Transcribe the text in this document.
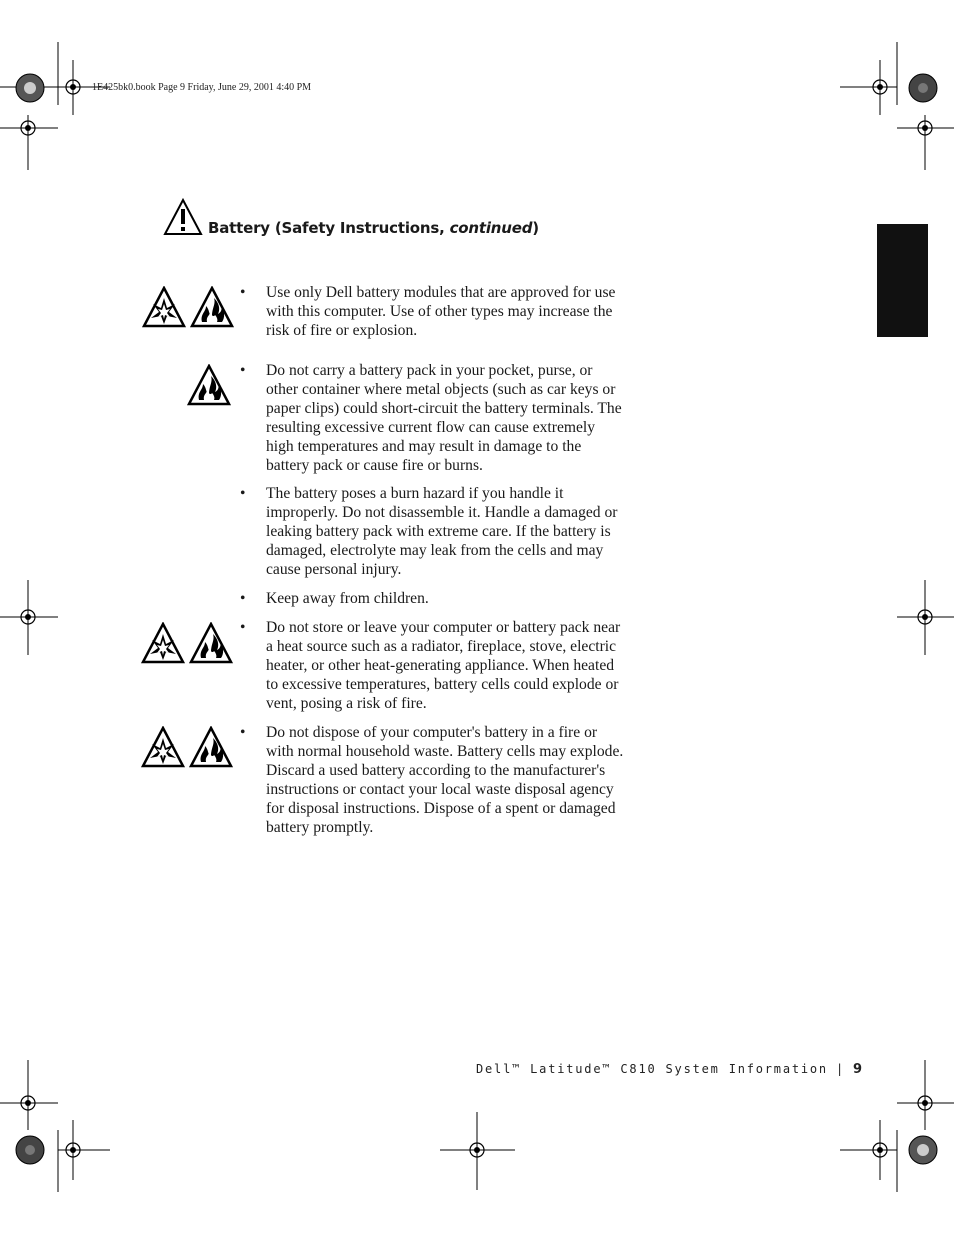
1E425bk0.book Page 9 Friday, June 29, 2001 4:40 PM
Battery (Safety Instructions, continued)
• Use only Dell battery modules that are approved for use with this computer. Use of other types may increase the risk of fire or explosion.
• Do not carry a battery pack in your pocket, purse, or other container where metal objects (such as car keys or paper clips) could short-circuit the battery terminals. The resulting excessive current flow can cause extremely high temperatures and may result in damage to the battery pack or cause fire or burns.
• The battery poses a burn hazard if you handle it improperly. Do not disassemble it. Handle a damaged or leaking battery pack with extreme care. If the battery is damaged, electrolyte may leak from the cells and may cause personal injury.
• Keep away from children.
• Do not store or leave your computer or battery pack near a heat source such as a radiator, fireplace, stove, electric heater, or other heat-generating appliance. When heated to excessive temperatures, battery cells could explode or vent, posing a risk of fire.
• Do not dispose of your computer's battery in a fire or with normal household waste. Battery cells may explode. Discard a used battery according to the manufacturer's instructions or contact your local waste disposal agency for disposal instructions. Dispose of a spent or damaged battery promptly.
Dell™ Latitude™ C810 System Information | 9
